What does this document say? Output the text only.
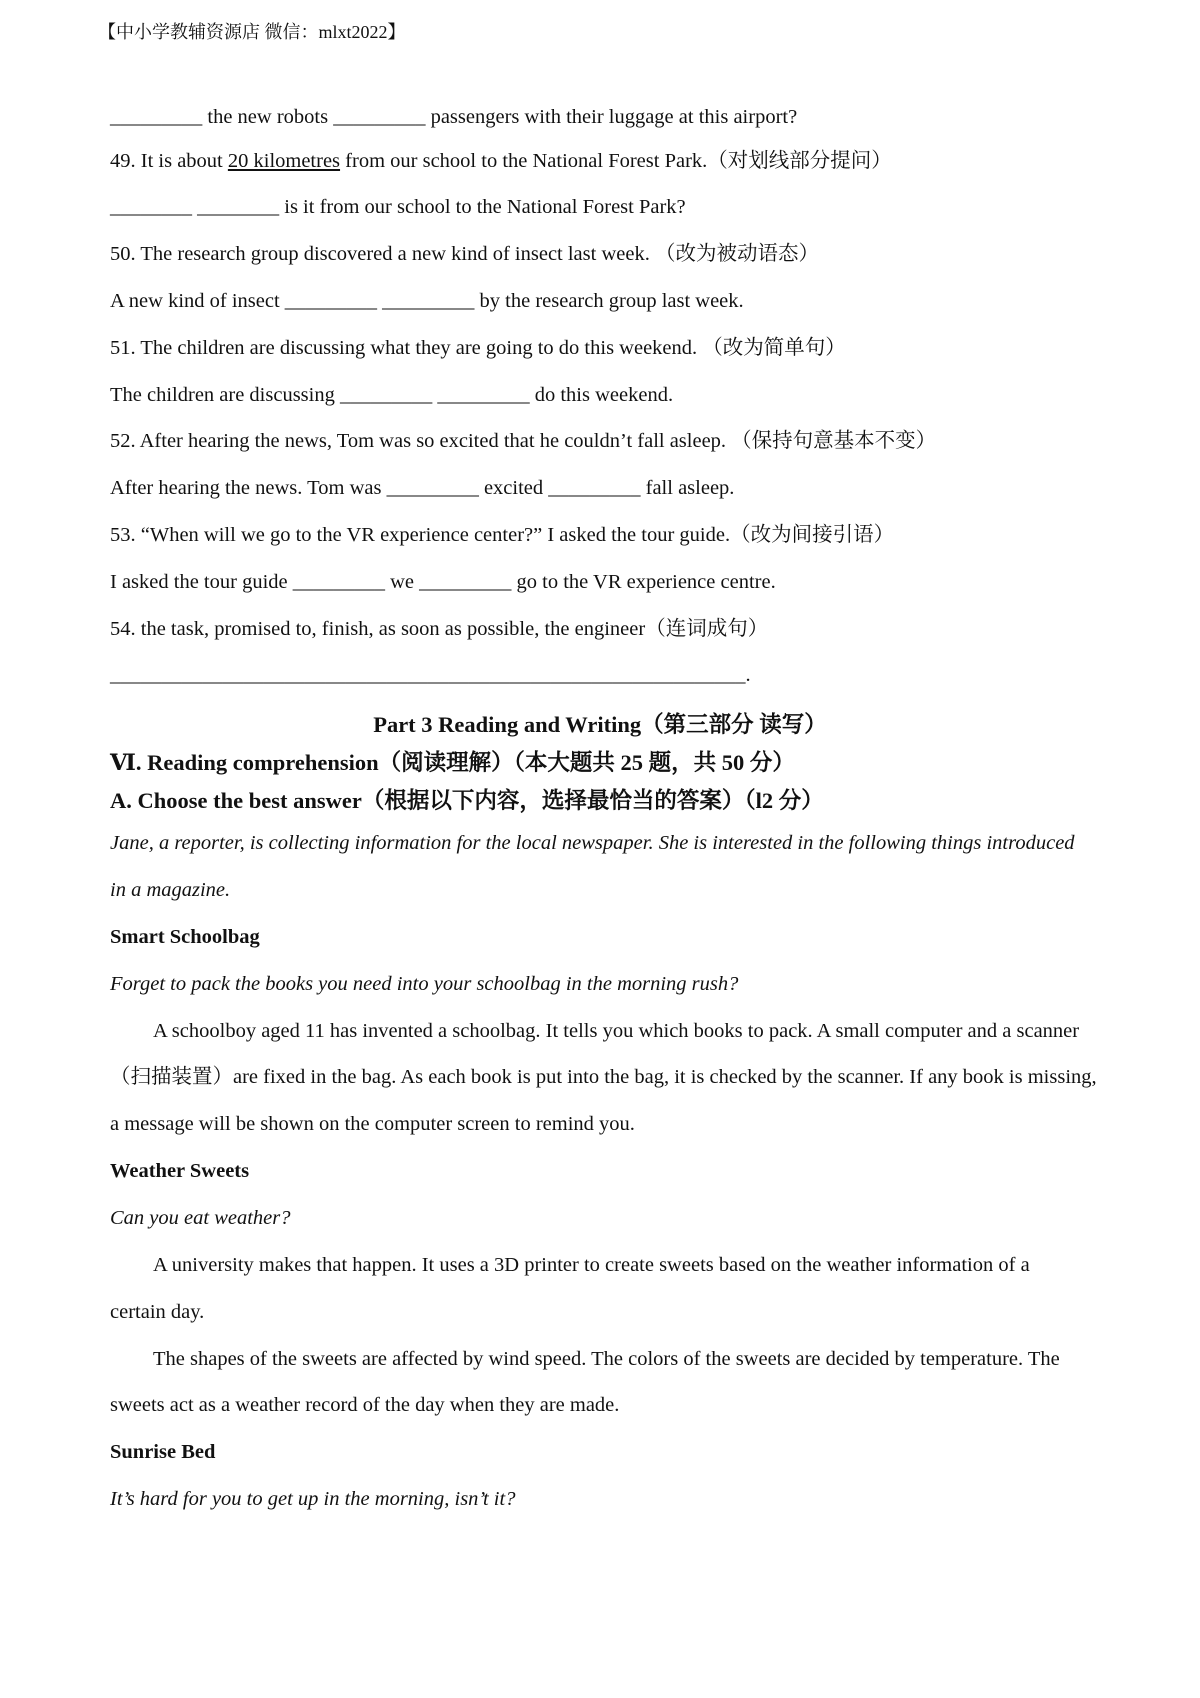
【中小学教辅资源店 微信：mlxt2022】
_________ the new robots _________ passengers with their luggage at this airport?
49. It is about 20 kilometres from our school to the National Forest Park.（对划线部分提问）
________ ________ is it from our school to the National Forest Park?
50. The research group discovered a new kind of insect last week. （改为被动语态）
A new kind of insect _________ _________ by the research group last week.
51. The children are discussing what they are going to do this weekend. （改为简单句）
The children are discussing _________ _________ do this weekend.
52. After hearing the news, Tom was so excited that he couldn’t fall asleep. （保持句意基本不变）
After hearing the news. Tom was _________ excited _________ fall asleep.
53. “When will we go to the VR experience center?” I asked the tour guide.（改为间接引语）
I asked the tour guide _________ we _________ go to the VR experience centre.
54. the task, promised to, finish, as soon as possible, the engineer（连词成句）
______________________________________________________________.
Part 3 Reading and Writing（第三部分 读写）
Ⅵ. Reading comprehension（阅读理解）（本大题共 25 题，共 50 分）
A. Choose the best answer（根据以下内容，选择最恰当的答案）（l2 分）
Jane, a reporter, is collecting information for the local newspaper. She is interested in the following things introduced
in a magazine.
Smart Schoolbag
Forget to pack the books you need into your schoolbag in the morning rush?
A schoolboy aged 11 has invented a schoolbag. It tells you which books to pack. A small computer and a scanner
（扫描装置）are fixed in the bag. As each book is put into the bag, it is checked by the scanner. If any book is missing,
a message will be shown on the computer screen to remind you.
Weather Sweets
Can you eat weather?
A university makes that happen. It uses a 3D printer to create sweets based on the weather information of a
certain day.
The shapes of the sweets are affected by wind speed. The colors of the sweets are decided by temperature. The
sweets act as a weather record of the day when they are made.
Sunrise Bed
It’s hard for you to get up in the morning, isn’t it?
